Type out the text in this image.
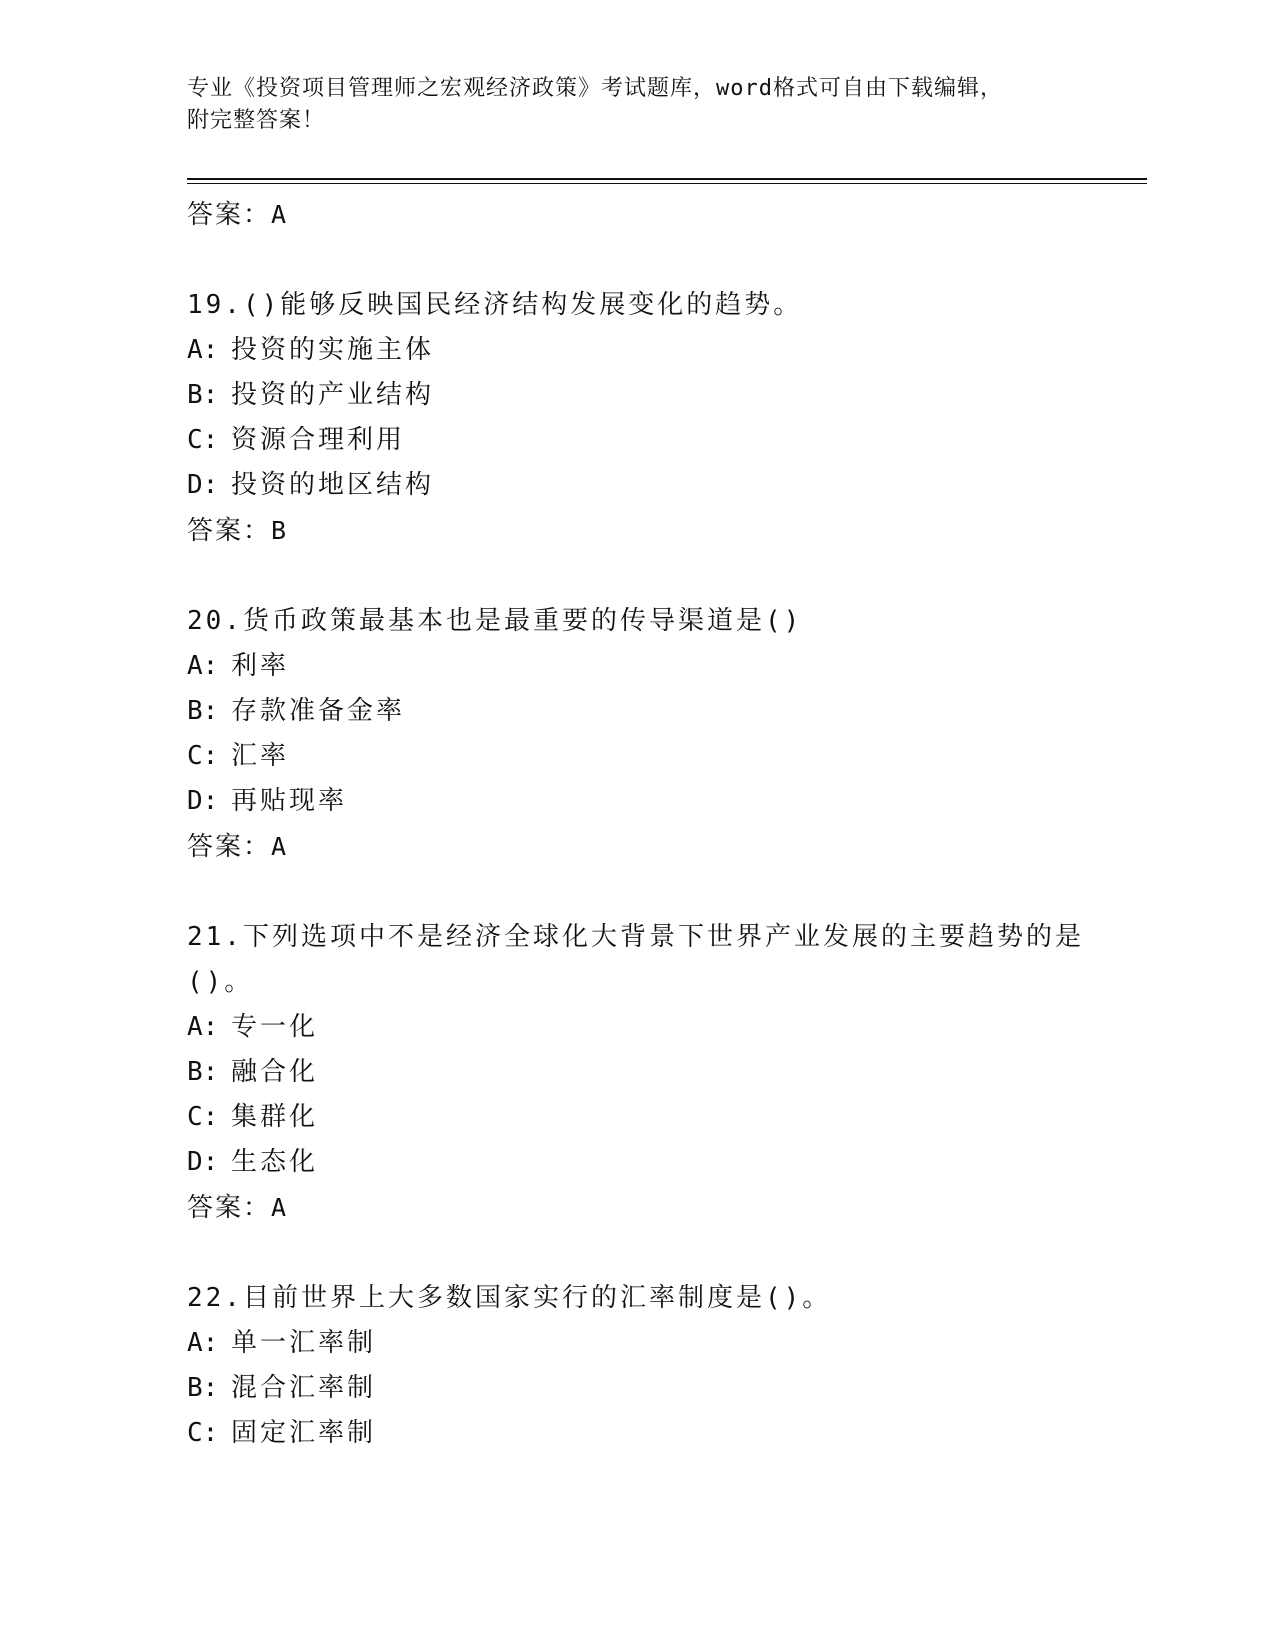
专业《投资项目管理师之宏观经济政策》考试题库，word格式可自由下载编辑，
附完整答案！
答案：A
19.()能够反映国民经济结构发展变化的趋势。
A: 投资的实施主体
B: 投资的产业结构
C: 资源合理利用
D: 投资的地区结构
答案：B
20.货币政策最基本也是最重要的传导渠道是()
A: 利率
B: 存款准备金率
C: 汇率
D: 再贴现率
答案：A
21.下列选项中不是经济全球化大背景下世界产业发展的主要趋势的是()。
A: 专一化
B: 融合化
C: 集群化
D: 生态化
答案：A
22.目前世界上大多数国家实行的汇率制度是()。
A: 单一汇率制
B: 混合汇率制
C: 固定汇率制
